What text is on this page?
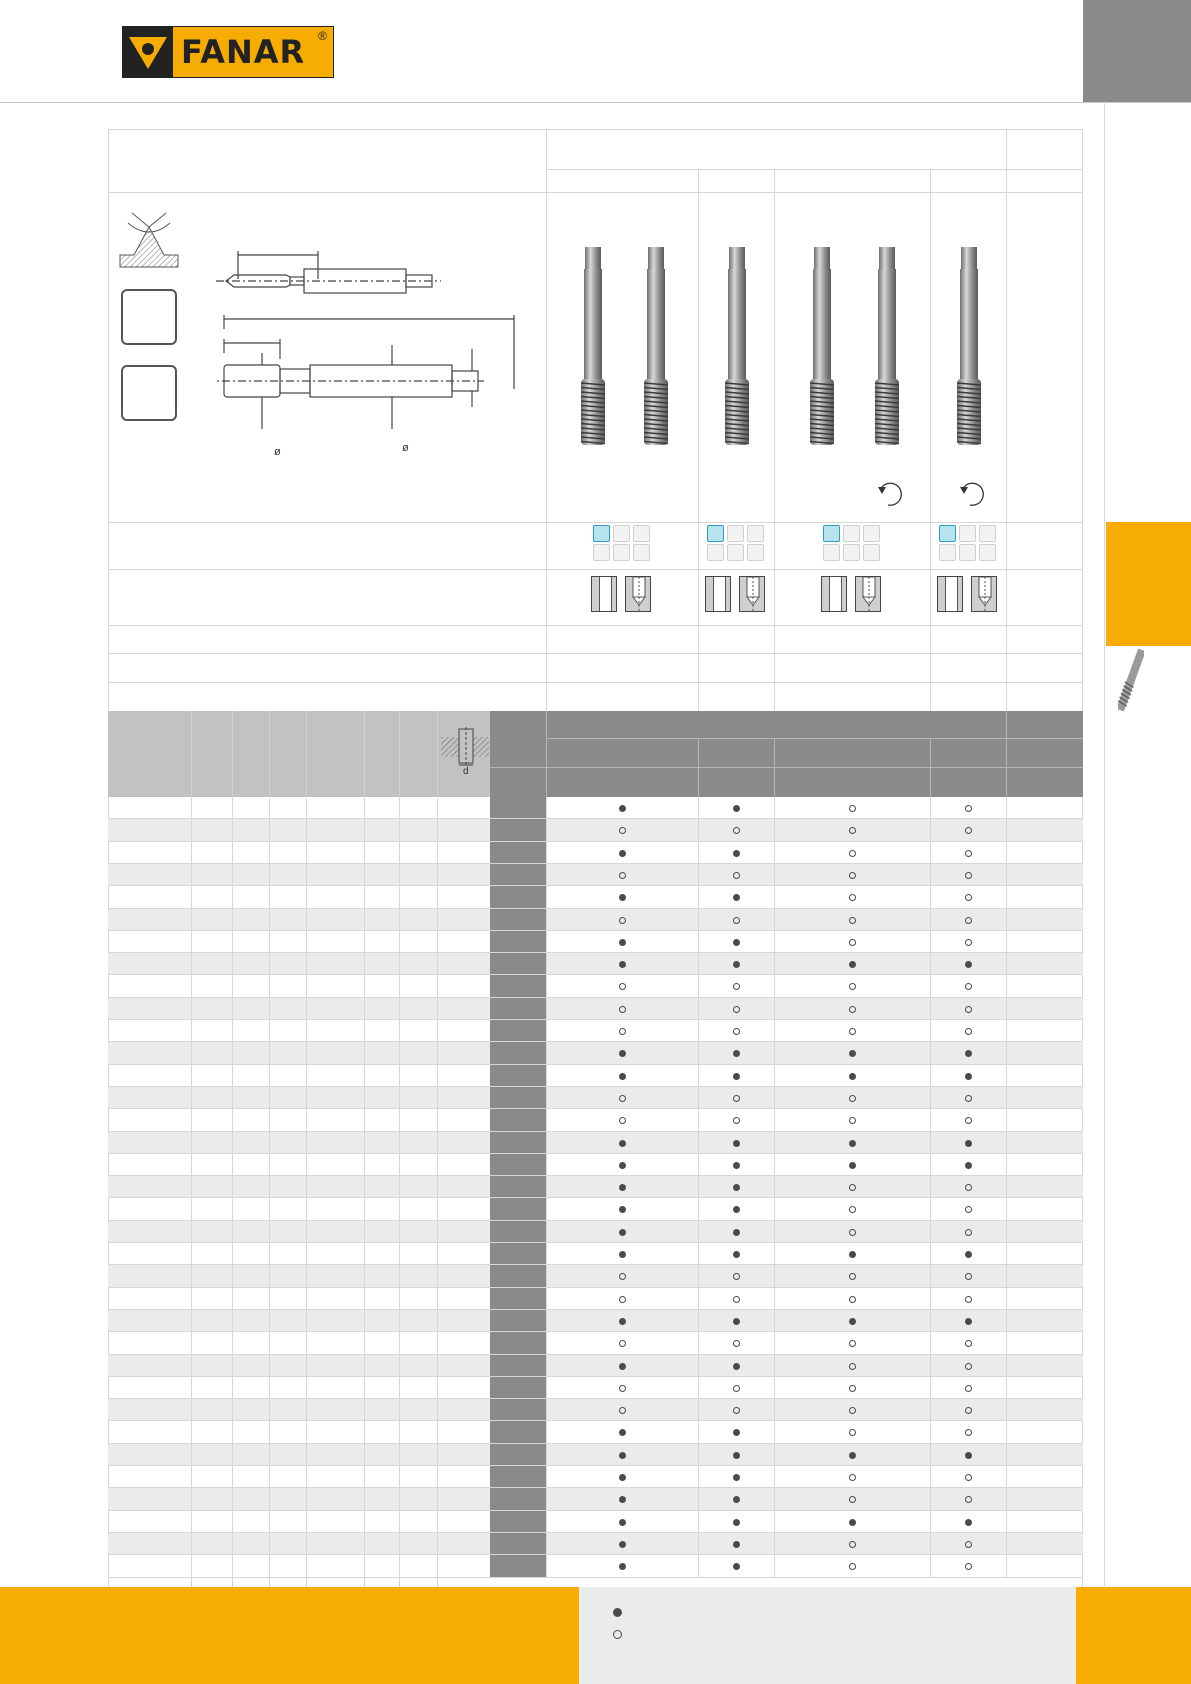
FANAR ®
ø	ø
d
